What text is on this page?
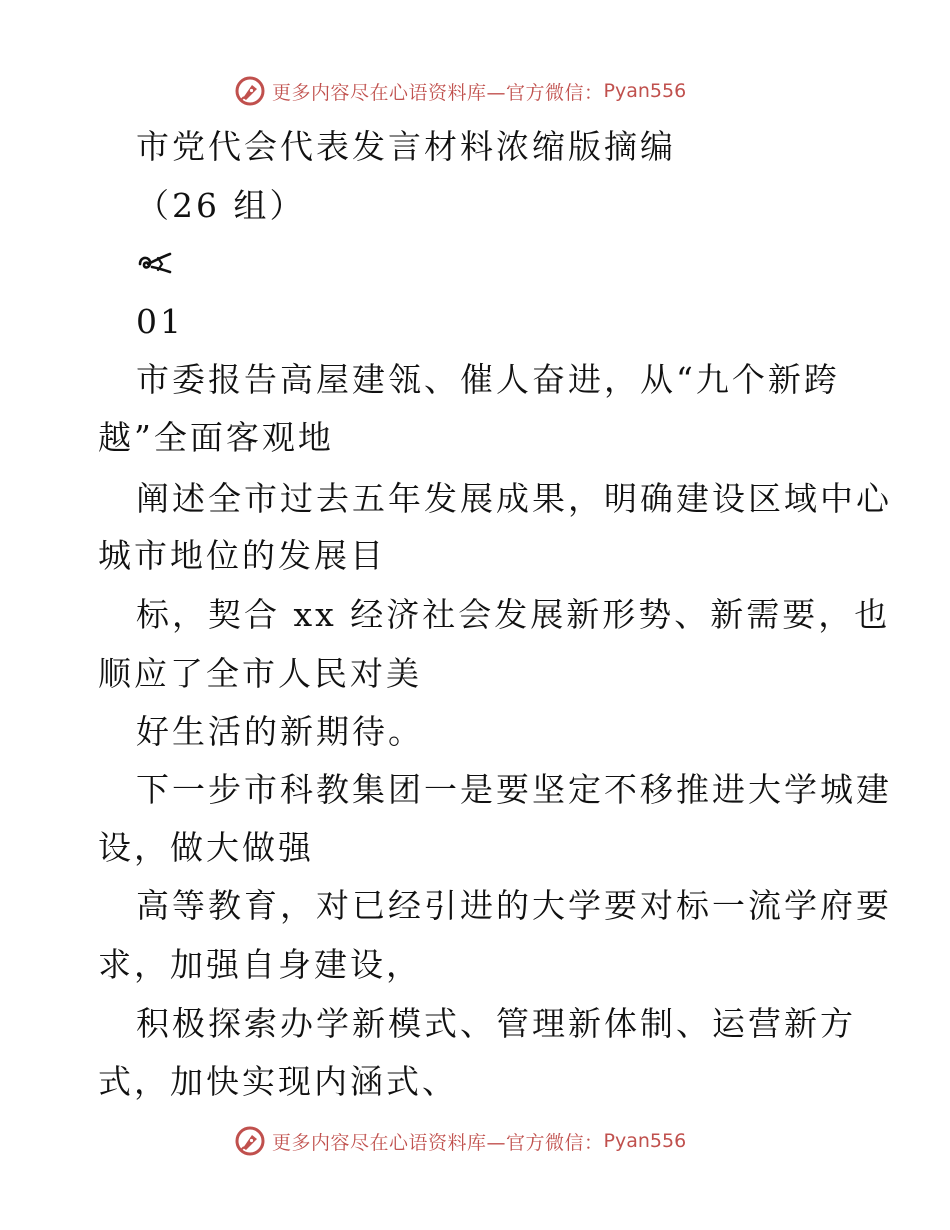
更多内容尽在心语资料库—官方微信： Pyan556
市党代会代表发言材料浓缩版摘编
（26 组）
01
市委报告高屋建瓴、催人奋进，从“九个新跨
越”全面客观地
阐述全市过去五年发展成果，明确建设区域中心
城市地位的发展目
标，契合 xx 经济社会发展新形势、新需要，也
顺应了全市人民对美
好生活的新期待。
下一步市科教集团一是要坚定不移推进大学城建
设，做大做强
高等教育，对已经引进的大学要对标一流学府要
求，加强自身建设，
积极探索办学新模式、管理新体制、运营新方
式，加快实现内涵式、
更多内容尽在心语资料库—官方微信： Pyan556
